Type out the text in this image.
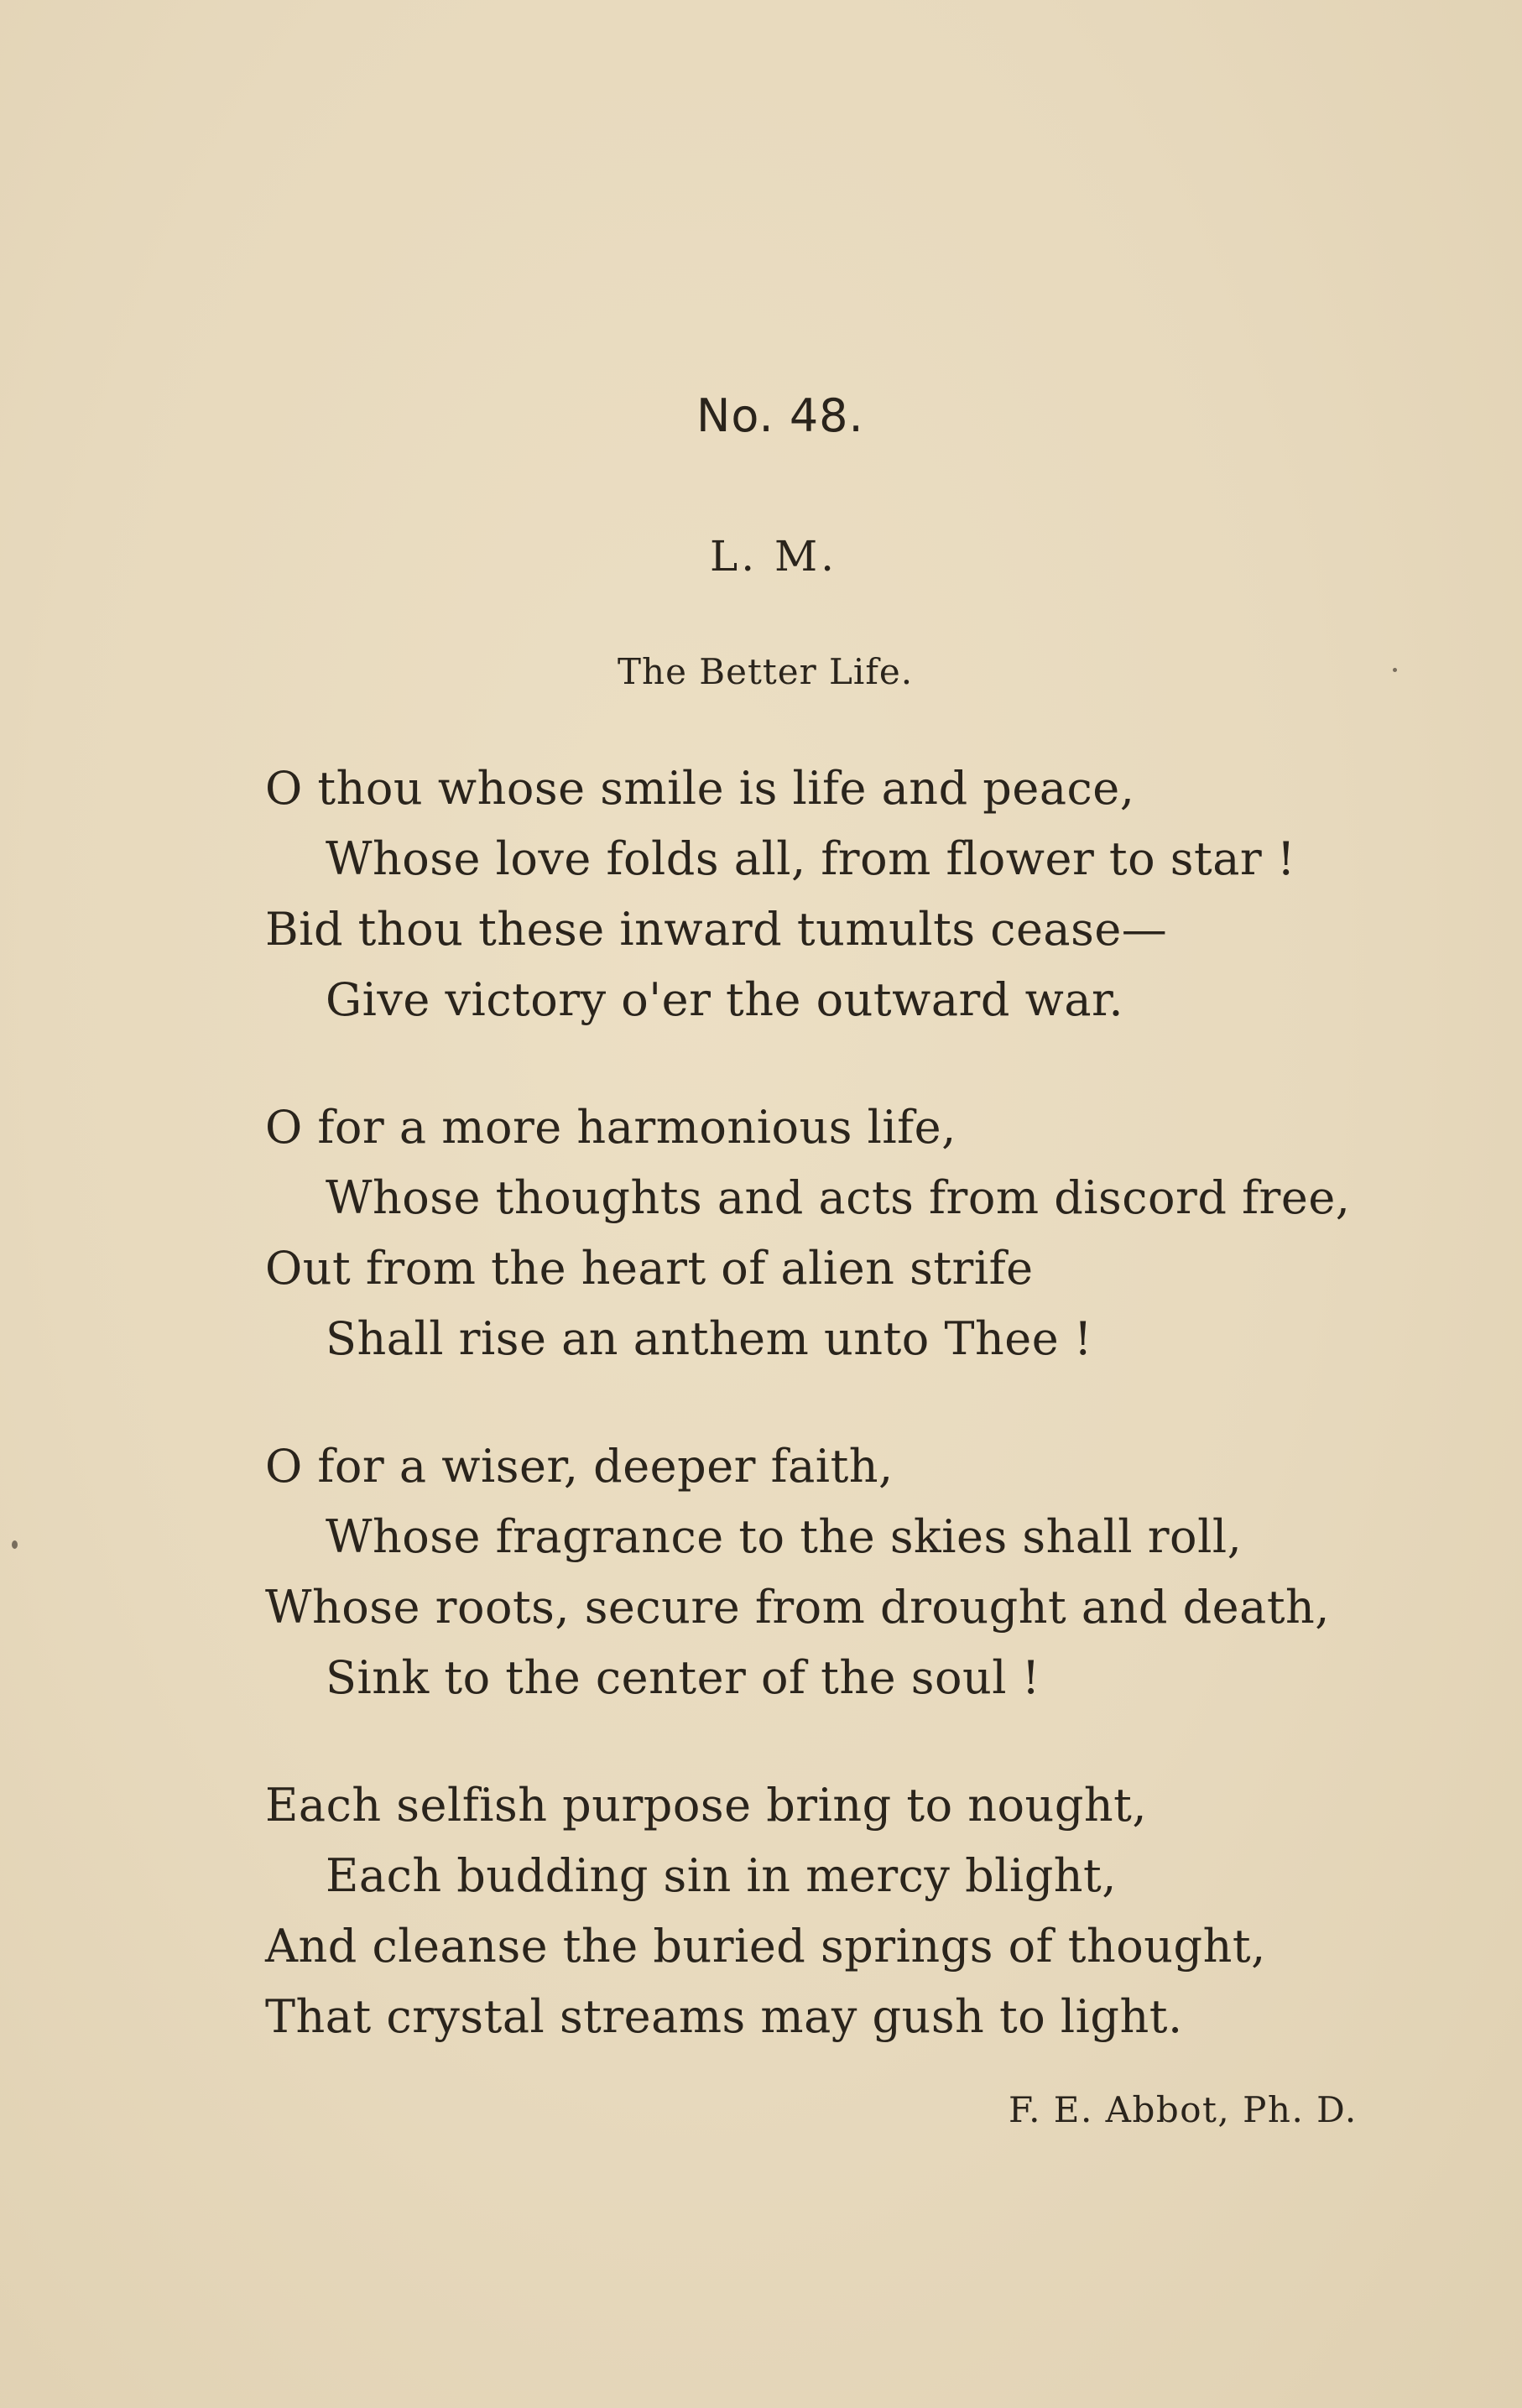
No. 48.
L. M.
The Better Life.
O thou whose smile is life and peace,
Whose love folds all, from flower to star !
Bid thou these inward tumults cease—
Give victory o'er the outward war.
O for a more harmonious life,
Whose thoughts and acts from discord free,
Out from the heart of alien strife
Shall rise an anthem unto Thee !
O for a wiser, deeper faith,
Whose fragrance to the skies shall roll,
Whose roots, secure from drought and death,
Sink to the center of the soul !
Each selfish purpose bring to nought,
Each budding sin in mercy blight,
And cleanse the buried springs of thought,
That crystal streams may gush to light.

F. E. Abbot, Ph. D.
